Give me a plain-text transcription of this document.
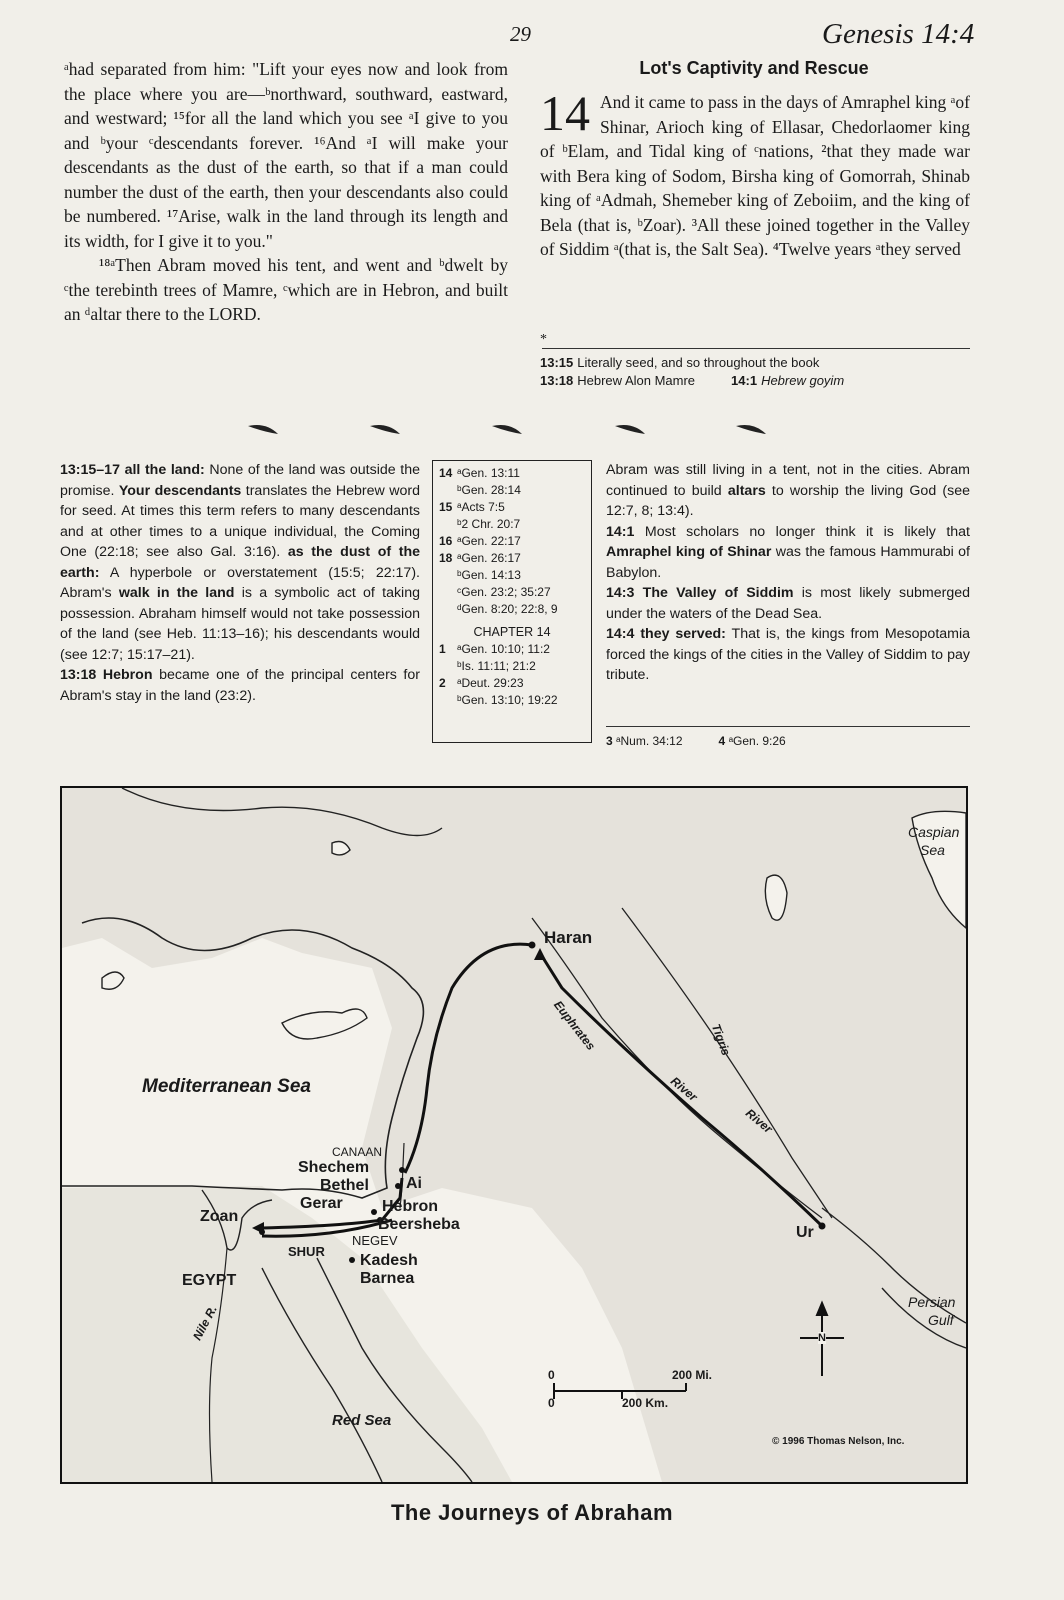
29	Genesis 14:4

ᵃhad separated from him: "Lift your eyes now and look from the place where you are—ᵇnorthward, southward, eastward, and westward; ¹⁵for all the land which you see ᵃI give to you and ᵇyour ᶜdescendants forever. ¹⁶And ᵃI will make your descendants as the dust of the earth, so that if a man could number the dust of the earth, then your descendants also could be numbered. ¹⁷Arise, walk in the land through its length and its width, for I give it to you."

¹⁸ᵃThen Abram moved his tent, and went and ᵇdwelt by ᶜthe terebinth trees of Mamre, ᶜwhich are in Hebron, and built an ᵈaltar there to the LORD.

Lot's Captivity and Rescue
14 And it came to pass in the days of Amraphel king ᵃof Shinar, Arioch king of Ellasar, Chedorlaomer king of ᵇElam, and Tidal king of ᶜnations, ²that they made war with Bera king of Sodom, Birsha king of Gomorrah, Shinab king of ᵃAdmah, Shemeber king of Zeboiim, and the king of Bela (that is, ᵇZoar). ³All these joined together in the Valley of Siddim ᵃ(that is, the Salt Sea). ⁴Twelve years ᵃthey served

*
13:15 Literally seed, and so throughout the book
13:18 Hebrew Alon Mamre	14:1 Hebrew goyim

13:15–17 all the land: None of the land was outside the promise. Your descendants translates the Hebrew word for seed. At times this term refers to many descendants and at other times to a unique individual, the Coming One (22:18; see also Gal. 3:16). as the dust of the earth: A hyperbole or overstatement (15:5; 22:17). Abram's walk in the land is a symbolic act of taking possession. Abraham himself would not take possession of the land (see Heb. 11:13–16); his descendants would (see 12:7; 15:17–21).

13:18 Hebron became one of the principal centers for Abram's stay in the land (23:2).

14 ᵃGen. 13:11
ᵇGen. 28:14
15 ᵃActs 7:5
ᵇ2 Chr. 20:7
16 ᵃGen. 22:17
18 ᵃGen. 26:17
ᵇGen. 14:13
ᶜGen. 23:2; 35:27
ᵈGen. 8:20; 22:8, 9
CHAPTER 14
1 ᵃGen. 10:10; 11:2
ᵇIs. 11:11; 21:2
2 ᵃDeut. 29:23
ᵇGen. 13:10; 19:22

Abram was still living in a tent, not in the cities. Abram continued to build altars to worship the living God (see 12:7, 8; 13:4).

14:1 Most scholars no longer think it is likely that Amraphel king of Shinar was the famous Hammurabi of Babylon.

14:3 The Valley of Siddim is most likely submerged under the waters of the Dead Sea.

14:4 they served: That is, the kings from Mesopotamia forced the kings of the cities in the Valley of Siddim to pay tribute.

3 ᵃNum. 34:12	4 ᵃGen. 9:26
Caspian
Sea
Haran
Mediterranean Sea
Euphrates
River
Tigris
River
CANAAN
Shechem
Bethel Ai
Gerar Hebron
Beersheba
Zoan
NEGEV
SHUR
Kadesh
Barnea
EGYPT
Nile R.
Red Sea
Ur
Persian
Gulf
N
0
0
200 Mi.
200 Km.
© 1996 Thomas Nelson, Inc.
The Journeys of Abraham
